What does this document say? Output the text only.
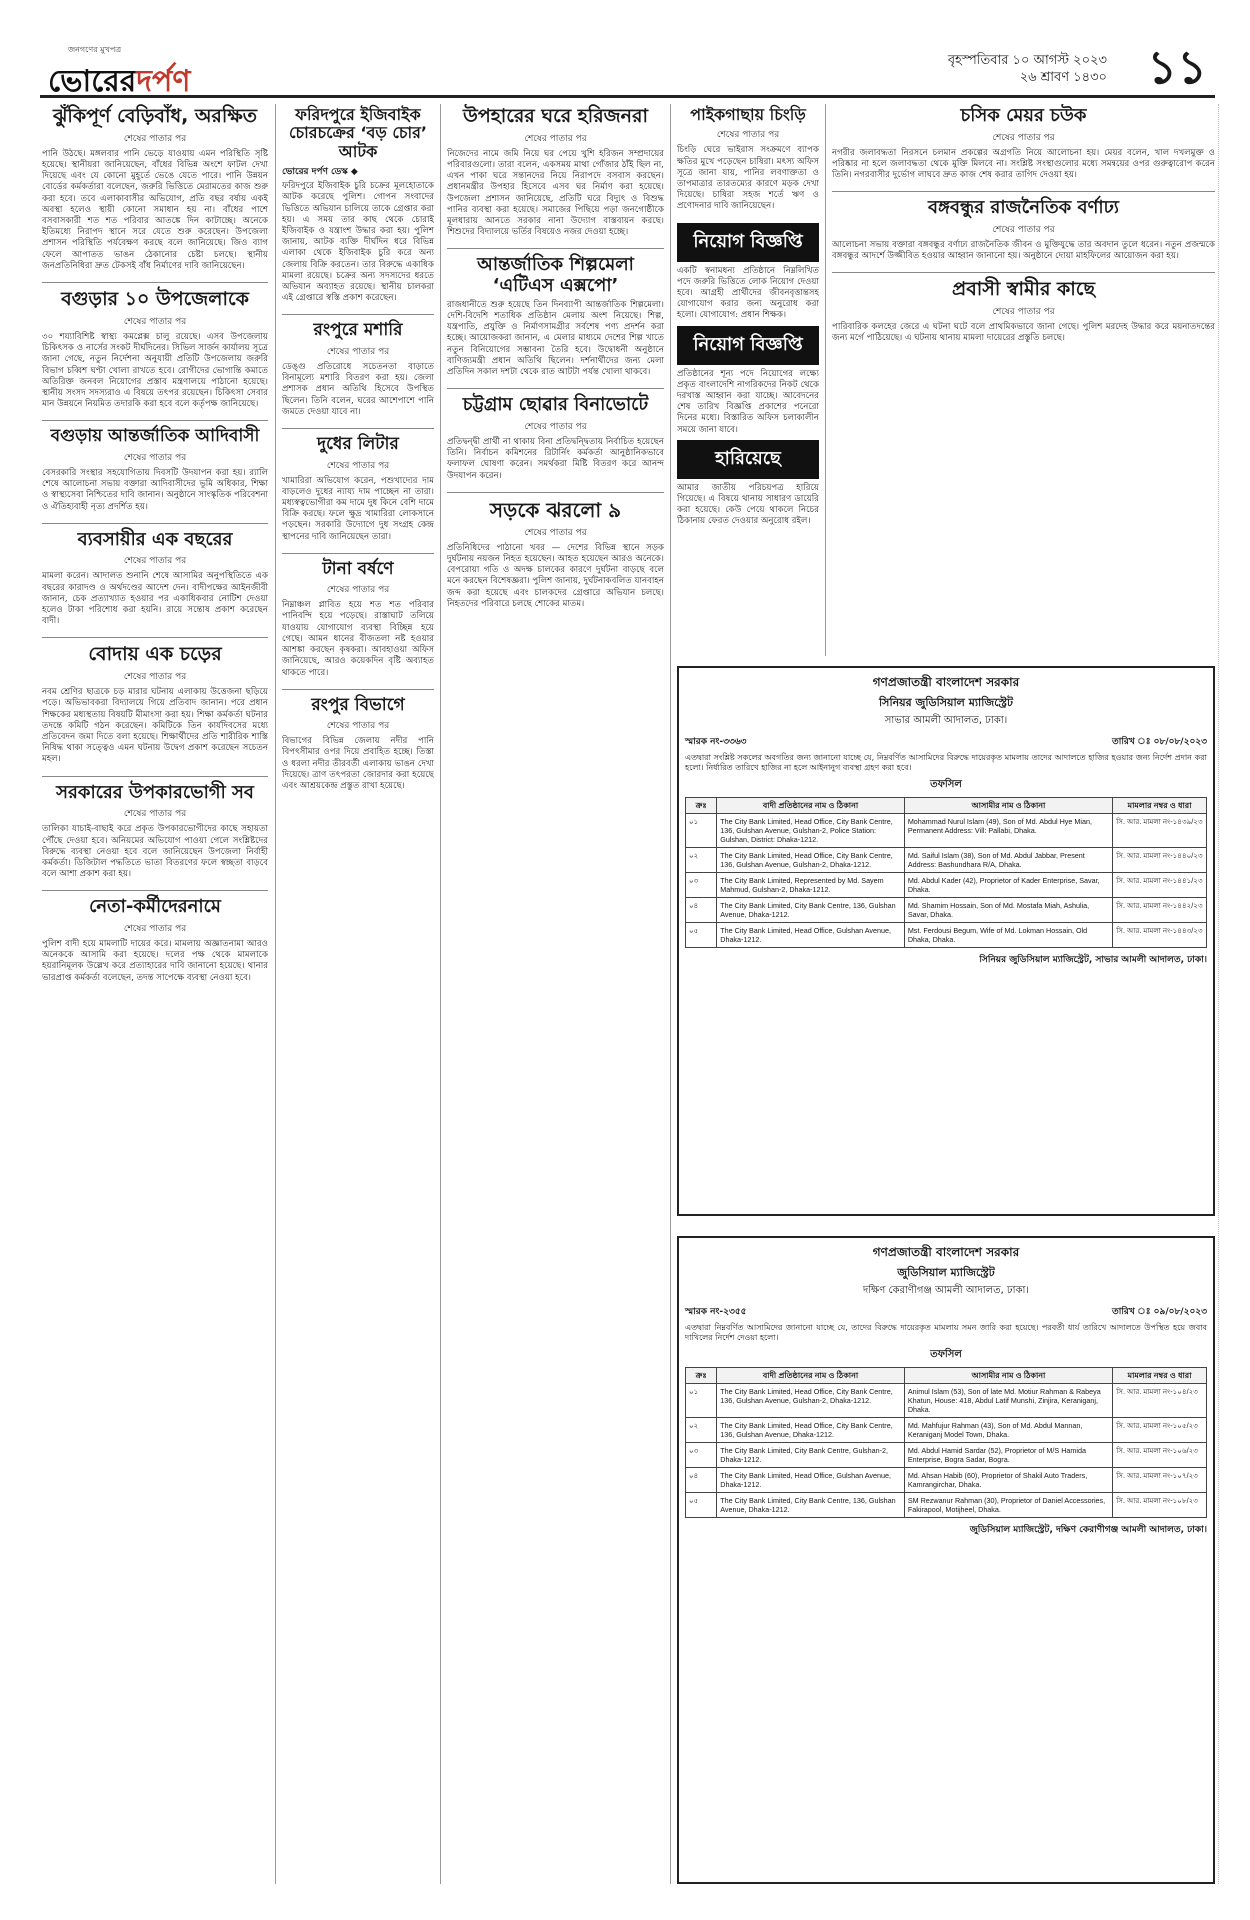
জনগণের মুখপত্র
ভোরেরদর্পণ
বৃহস্পতিবার ১০ আগস্ট ২০২৩
২৬ শ্রাবণ ১৪৩০ ১১
ঝুঁকিপূর্ণ বেড়িবাঁধ, অরক্ষিত
শেষের পাতার পর
পানি উঠছে। মঙ্গলবার পানি ভেড়ে যাওয়ায় এমন পরিস্থিতি সৃষ্টি হয়েছে। স্থানীয়রা জানিয়েছেন, বাঁধের বিভিন্ন অংশে ফাটল দেখা দিয়েছে এবং যে কোনো মুহূর্তে ভেঙে যেতে পারে। পানি উন্নয়ন বোর্ডের কর্মকর্তারা বলেছেন, জরুরি ভিত্তিতে মেরামতের কাজ শুরু করা হবে। তবে এলাকাবাসীর অভিযোগ, প্রতি বছর বর্ষায় একই অবস্থা হলেও স্থায়ী কোনো সমাধান হয় না। বাঁধের পাশে বসবাসকারী শত শত পরিবার আতঙ্কে দিন কাটাচ্ছে। অনেকে ইতিমধ্যে নিরাপদ স্থানে সরে যেতে শুরু করেছেন। উপজেলা প্রশাসন পরিস্থিতি পর্যবেক্ষণ করছে বলে জানিয়েছে। জিও ব্যাগ ফেলে আপাতত ভাঙন ঠেকানোর চেষ্টা চলছে। স্থানীয় জনপ্রতিনিধিরা দ্রুত টেকসই বাঁধ নির্মাণের দাবি জানিয়েছেন।
বগুড়ার ১০ উপজেলাকে
শেষের পাতার পর
৩০ শয্যাবিশিষ্ট স্বাস্থ্য কমপ্লেক্স চালু রয়েছে। এসব উপজেলায় চিকিৎসক ও নার্সের সংকট দীর্ঘদিনের। সিভিল সার্জন কার্যালয় সূত্রে জানা গেছে, নতুন নির্দেশনা অনুযায়ী প্রতিটি উপজেলায় জরুরি বিভাগ চব্বিশ ঘণ্টা খোলা রাখতে হবে। রোগীদের ভোগান্তি কমাতে অতিরিক্ত জনবল নিয়োগের প্রস্তাব মন্ত্রণালয়ে পাঠানো হয়েছে। স্থানীয় সংসদ সদস্যরাও এ বিষয়ে তৎপর রয়েছেন। চিকিৎসা সেবার মান উন্নয়নে নিয়মিত তদারকি করা হবে বলে কর্তৃপক্ষ জানিয়েছে।
বগুড়ায় আন্তর্জাতিক আদিবাসী
শেষের পাতার পর
বেসরকারি সংস্থার সহযোগিতায় দিবসটি উদযাপন করা হয়। র‍্যালি শেষে আলোচনা সভায় বক্তারা আদিবাসীদের ভূমি অধিকার, শিক্ষা ও স্বাস্থ্যসেবা নিশ্চিতের দাবি জানান। অনুষ্ঠানে সাংস্কৃতিক পরিবেশনা ও ঐতিহ্যবাহী নৃত্য প্রদর্শিত হয়।
ব্যবসায়ীর এক বছরের
শেষের পাতার পর
মামলা করেন। আদালত শুনানি শেষে আসামির অনুপস্থিতিতে এক বছরের কারাদণ্ড ও অর্থদণ্ডের আদেশ দেন। বাদীপক্ষের আইনজীবী জানান, চেক প্রত্যাখ্যাত হওয়ার পর একাধিকবার নোটিশ দেওয়া হলেও টাকা পরিশোধ করা হয়নি। রায়ে সন্তোষ প্রকাশ করেছেন বাদী।
বোদায় এক চড়ের
শেষের পাতার পর
নবম শ্রেণির ছাত্রকে চড় মারার ঘটনায় এলাকায় উত্তেজনা ছড়িয়ে পড়ে। অভিভাবকরা বিদ্যালয়ে গিয়ে প্রতিবাদ জানান। পরে প্রধান শিক্ষকের মধ্যস্থতায় বিষয়টি মীমাংসা করা হয়। শিক্ষা কর্মকর্তা ঘটনার তদন্তে কমিটি গঠন করেছেন। কমিটিকে তিন কার্যদিবসের মধ্যে প্রতিবেদন জমা দিতে বলা হয়েছে। শিক্ষার্থীদের প্রতি শারীরিক শাস্তি নিষিদ্ধ থাকা সত্ত্বেও এমন ঘটনায় উদ্বেগ প্রকাশ করেছেন সচেতন মহল।
সরকারের উপকারভোগী সব
শেষের পাতার পর
তালিকা যাচাই-বাছাই করে প্রকৃত উপকারভোগীদের কাছে সহায়তা পৌঁছে দেওয়া হবে। অনিয়মের অভিযোগ পাওয়া গেলে সংশ্লিষ্টদের বিরুদ্ধে ব্যবস্থা নেওয়া হবে বলে জানিয়েছেন উপজেলা নির্বাহী কর্মকর্তা। ডিজিটাল পদ্ধতিতে ভাতা বিতরণের ফলে স্বচ্ছতা বাড়বে বলে আশা প্রকাশ করা হয়।
নেতা-কর্মীদেরনামে
শেষের পাতার পর
পুলিশ বাদী হয়ে মামলাটি দায়ের করে। মামলায় অজ্ঞাতনামা আরও অনেককে আসামি করা হয়েছে। দলের পক্ষ থেকে মামলাকে হয়রানিমূলক উল্লেখ করে প্রত্যাহারের দাবি জানানো হয়েছে। থানার ভারপ্রাপ্ত কর্মকর্তা বলেছেন, তদন্ত সাপেক্ষে ব্যবস্থা নেওয়া হবে।
ফরিদপুরে ইজিবাইক চোরচক্রের ‘বড় চোর’ আটক
ভোরের দর্পণ ডেস্ক ◆
ফরিদপুরে ইজিবাইক চুরি চক্রের মূলহোতাকে আটক করেছে পুলিশ। গোপন সংবাদের ভিত্তিতে অভিযান চালিয়ে তাকে গ্রেপ্তার করা হয়। এ সময় তার কাছ থেকে চোরাই ইজিবাইক ও যন্ত্রাংশ উদ্ধার করা হয়। পুলিশ জানায়, আটক ব্যক্তি দীর্ঘদিন ধরে বিভিন্ন এলাকা থেকে ইজিবাইক চুরি করে অন্য জেলায় বিক্রি করতেন। তার বিরুদ্ধে একাধিক মামলা রয়েছে। চক্রের অন্য সদস্যদের ধরতে অভিযান অব্যাহত রয়েছে। স্থানীয় চালকরা এই গ্রেপ্তারে স্বস্তি প্রকাশ করেছেন।
রংপুরে মশারি
শেষের পাতার পর
ডেঙ্গু প্রতিরোধে সচেতনতা বাড়াতে বিনামূল্যে মশারি বিতরণ করা হয়। জেলা প্রশাসক প্রধান অতিথি হিসেবে উপস্থিত ছিলেন। তিনি বলেন, ঘরের আশেপাশে পানি জমতে দেওয়া যাবে না।
দুধের লিটার
শেষের পাতার পর
খামারিরা অভিযোগ করেন, পশুখাদ্যের দাম বাড়লেও দুধের ন্যায্য দাম পাচ্ছেন না তারা। মধ্যস্বত্বভোগীরা কম দামে দুধ কিনে বেশি দামে বিক্রি করছে। ফলে ক্ষুদ্র খামারিরা লোকসানে পড়ছেন। সরকারি উদ্যোগে দুধ সংগ্রহ কেন্দ্র স্থাপনের দাবি জানিয়েছেন তারা।
টানা বর্ষণে
শেষের পাতার পর
নিম্নাঞ্চল প্লাবিত হয়ে শত শত পরিবার পানিবন্দি হয়ে পড়েছে। রাস্তাঘাট তলিয়ে যাওয়ায় যোগাযোগ ব্যবস্থা বিচ্ছিন্ন হয়ে গেছে। আমন ধানের বীজতলা নষ্ট হওয়ার আশঙ্কা করছেন কৃষকরা। আবহাওয়া অফিস জানিয়েছে, আরও কয়েকদিন বৃষ্টি অব্যাহত থাকতে পারে।
রংপুর বিভাগে
শেষের পাতার পর
বিভাগের বিভিন্ন জেলায় নদীর পানি বিপৎসীমার ওপর দিয়ে প্রবাহিত হচ্ছে। তিস্তা ও ধরলা নদীর তীরবর্তী এলাকায় ভাঙন দেখা দিয়েছে। ত্রাণ তৎপরতা জোরদার করা হয়েছে এবং আশ্রয়কেন্দ্র প্রস্তুত রাখা হয়েছে।
উপহারের ঘরে হরিজনরা
শেষের পাতার পর
নিজেদের নামে জমি নিয়ে ঘর পেয়ে খুশি হরিজন সম্প্রদায়ের পরিবারগুলো। তারা বলেন, একসময় মাথা গোঁজার ঠাঁই ছিল না, এখন পাকা ঘরে সন্তানদের নিয়ে নিরাপদে বসবাস করছেন। প্রধানমন্ত্রীর উপহার হিসেবে এসব ঘর নির্মাণ করা হয়েছে। উপজেলা প্রশাসন জানিয়েছে, প্রতিটি ঘরে বিদ্যুৎ ও বিশুদ্ধ পানির ব্যবস্থা করা হয়েছে। সমাজের পিছিয়ে পড়া জনগোষ্ঠীকে মূলধারায় আনতে সরকার নানা উদ্যোগ বাস্তবায়ন করছে। শিশুদের বিদ্যালয়ে ভর্তির বিষয়েও নজর দেওয়া হচ্ছে।
আন্তর্জাতিক শিল্পমেলা ‘এটিএস এক্সপো’
রাজধানীতে শুরু হয়েছে তিন দিনব্যাপী আন্তর্জাতিক শিল্পমেলা। দেশি-বিদেশি শতাধিক প্রতিষ্ঠান মেলায় অংশ নিয়েছে। শিল্প, যন্ত্রপাতি, প্রযুক্তি ও নির্মাণসামগ্রীর সর্বশেষ পণ্য প্রদর্শন করা হচ্ছে। আয়োজকরা জানান, এ মেলার মাধ্যমে দেশের শিল্প খাতে নতুন বিনিয়োগের সম্ভাবনা তৈরি হবে। উদ্বোধনী অনুষ্ঠানে বাণিজ্যমন্ত্রী প্রধান অতিথি ছিলেন। দর্শনার্থীদের জন্য মেলা প্রতিদিন সকাল দশটা থেকে রাত আটটা পর্যন্ত খোলা থাকবে।
চট্টগ্রাম ছোৱার বিনাভোটে
শেষের পাতার পর
প্রতিদ্বন্দ্বী প্রার্থী না থাকায় বিনা প্রতিদ্বন্দ্বিতায় নির্বাচিত হয়েছেন তিনি। নির্বাচন কমিশনের রিটার্নিং কর্মকর্তা আনুষ্ঠানিকভাবে ফলাফল ঘোষণা করেন। সমর্থকরা মিষ্টি বিতরণ করে আনন্দ উদযাপন করেন।
সড়কে ঝরলো ৯
শেষের পাতার পর
প্রতিনিধিদের পাঠানো খবর — দেশের বিভিন্ন স্থানে সড়ক দুর্ঘটনায় নয়জন নিহত হয়েছেন। আহত হয়েছেন আরও অনেকে। বেপরোয়া গতি ও অদক্ষ চালকের কারণে দুর্ঘটনা বাড়ছে বলে মনে করছেন বিশেষজ্ঞরা। পুলিশ জানায়, দুর্ঘটনাকবলিত যানবাহন জব্দ করা হয়েছে এবং চালকদের গ্রেপ্তারে অভিযান চলছে। নিহতদের পরিবারে চলছে শোকের মাতম।
পাইকগাছায় চিংড়ি
শেষের পাতার পর
চিংড়ি ঘেরে ভাইরাস সংক্রমণে ব্যাপক ক্ষতির মুখে পড়েছেন চাষিরা। মৎস্য অফিস সূত্রে জানা যায়, পানির লবণাক্ততা ও তাপমাত্রার তারতম্যের কারণে মড়ক দেখা দিয়েছে। চাষিরা সহজ শর্তে ঋণ ও প্রণোদনার দাবি জানিয়েছেন।
নিয়োগ বিজ্ঞপ্তি
একটি স্বনামধন্য প্রতিষ্ঠানে নিম্নলিখিত পদে জরুরি ভিত্তিতে লোক নিয়োগ দেওয়া হবে। আগ্রহী প্রার্থীদের জীবনবৃত্তান্তসহ যোগাযোগ করার জন্য অনুরোধ করা হলো। যোগাযোগ: প্রধান শিক্ষক।
নিয়োগ বিজ্ঞপ্তি
প্রতিষ্ঠানের শূন্য পদে নিয়োগের লক্ষ্যে প্রকৃত বাংলাদেশি নাগরিকদের নিকট থেকে দরখাস্ত আহ্বান করা যাচ্ছে। আবেদনের শেষ তারিখ বিজ্ঞপ্তি প্রকাশের পনেরো দিনের মধ্যে। বিস্তারিত অফিস চলাকালীন সময়ে জানা যাবে।
হারিয়েছে
আমার জাতীয় পরিচয়পত্র হারিয়ে গিয়েছে। এ বিষয়ে থানায় সাধারণ ডায়েরি করা হয়েছে। কেউ পেয়ে থাকলে নিচের ঠিকানায় ফেরত দেওয়ার অনুরোধ রইল।
চসিক মেয়র চউক
শেষের পাতার পর
নগরীর জলাবদ্ধতা নিরসনে চলমান প্রকল্পের অগ্রগতি নিয়ে আলোচনা হয়। মেয়র বলেন, খাল দখলমুক্ত ও পরিষ্কার না হলে জলাবদ্ধতা থেকে মুক্তি মিলবে না। সংশ্লিষ্ট সংস্থাগুলোর মধ্যে সমন্বয়ের ওপর গুরুত্বারোপ করেন তিনি। নগরবাসীর দুর্ভোগ লাঘবে দ্রুত কাজ শেষ করার তাগিদ দেওয়া হয়।
বঙ্গবন্ধুর রাজনৈতিক বর্ণাঢ্য
শেষের পাতার পর
আলোচনা সভায় বক্তারা বঙ্গবন্ধুর বর্ণাঢ্য রাজনৈতিক জীবন ও মুক্তিযুদ্ধে তার অবদান তুলে ধরেন। নতুন প্রজন্মকে বঙ্গবন্ধুর আদর্শে উজ্জীবিত হওয়ার আহ্বান জানানো হয়। অনুষ্ঠানে দোয়া মাহফিলের আয়োজন করা হয়।
প্রবাসী স্বামীর কাছে
শেষের পাতার পর
পারিবারিক কলহের জেরে এ ঘটনা ঘটে বলে প্রাথমিকভাবে জানা গেছে। পুলিশ মরদেহ উদ্ধার করে ময়নাতদন্তের জন্য মর্গে পাঠিয়েছে। এ ঘটনায় থানায় মামলা দায়েরের প্রস্তুতি চলছে।
গণপ্রজাতন্ত্রী বাংলাদেশ সরকার
সিনিয়র জুডিসিয়াল ম্যাজিস্ট্রেট
সাভার আমলী আদালত, ঢাকা।
স্মারক নং-৩৩৬৩	তারিখ ঃ ০৮/০৮/২০২৩
এতদ্বারা সংশ্লিষ্ট সকলের অবগতির জন্য জানানো যাচ্ছে যে, নিম্নবর্ণিত আসামিদের বিরুদ্ধে দায়েরকৃত মামলায় তাদের আদালতে হাজির হওয়ার জন্য নির্দেশ প্রদান করা হলো। নির্ধারিত তারিখে হাজির না হলে আইনানুগ ব্যবস্থা গ্রহণ করা হবে।
তফসিল
ক্রঃ	বাদী প্রতিষ্ঠানের নাম ও ঠিকানা	আসামীর নাম ও ঠিকানা	মামলার নম্বর ও ধারা
০১	The City Bank Limited, Head Office, City Bank Centre, 136, Gulshan Avenue, Gulshan-2, Police Station: Gulshan, District: Dhaka-1212.	Mohammad Nurul Islam (49), Son of Md. Abdul Hye Mian, Permanent Address: Vill: Pallabi, Dhaka.	সি. আর. মামলা নং-১৪৩৯/২৩
০২	The City Bank Limited, Head Office, City Bank Centre, 136, Gulshan Avenue, Gulshan-2, Dhaka-1212.	Md. Saiful Islam (38), Son of Md. Abdul Jabbar, Present Address: Bashundhara R/A, Dhaka.	সি. আর. মামলা নং-১৪৪০/২৩
০৩	The City Bank Limited, Represented by Md. Sayem Mahmud, Gulshan-2, Dhaka-1212.	Md. Abdul Kader (42), Proprietor of Kader Enterprise, Savar, Dhaka.	সি. আর. মামলা নং-১৪৪১/২৩
০৪	The City Bank Limited, City Bank Centre, 136, Gulshan Avenue, Dhaka-1212.	Md. Shamim Hossain, Son of Md. Mostafa Miah, Ashulia, Savar, Dhaka.	সি. আর. মামলা নং-১৪৪২/২৩
০৫	The City Bank Limited, Head Office, Gulshan Avenue, Dhaka-1212.	Mst. Ferdousi Begum, Wife of Md. Lokman Hossain, Old Dhaka, Dhaka.	সি. আর. মামলা নং-১৪৪৩/২৩
সিনিয়র জুডিসিয়াল ম্যাজিস্ট্রেট, সাভার আমলী আদালত, ঢাকা।
গণপ্রজাতন্ত্রী বাংলাদেশ সরকার
জুডিসিয়াল ম্যাজিস্ট্রেট
দক্ষিণ কেরাণীগঞ্জ আমলী আদালত, ঢাকা।
স্মারক নং-২৩৫৫	তারিখ ঃ ০৯/০৮/২০২৩
এতদ্বারা নিম্নবর্ণিত আসামিদের জানানো যাচ্ছে যে, তাদের বিরুদ্ধে দায়েরকৃত মামলায় সমন জারি করা হয়েছে। পরবর্তী ধার্য তারিখে আদালতে উপস্থিত হয়ে জবাব দাখিলের নির্দেশ দেওয়া হলো।
তফসিল
ক্রঃ	বাদী প্রতিষ্ঠানের নাম ও ঠিকানা	আসামীর নাম ও ঠিকানা	মামলার নম্বর ও ধারা
০১	The City Bank Limited, Head Office, City Bank Centre, 136, Gulshan Avenue, Gulshan-2, Dhaka-1212.	Animul Islam (53), Son of late Md. Motiur Rahman & Rabeya Khatun, House: 418, Abdul Latif Munshi, Zinjira, Keraniganj, Dhaka.	সি. আর. মামলা নং-১০৪/২৩
০২	The City Bank Limited, Head Office, City Bank Centre, 136, Gulshan Avenue, Dhaka-1212.	Md. Mahfujur Rahman (43), Son of Md. Abdul Mannan, Keraniganj Model Town, Dhaka.	সি. আর. মামলা নং-১০৫/২৩
০৩	The City Bank Limited, City Bank Centre, Gulshan-2, Dhaka-1212.	Md. Abdul Hamid Sardar (52), Proprietor of M/S Hamida Enterprise, Bogra Sadar, Bogra.	সি. আর. মামলা নং-১০৬/২৩
০৪	The City Bank Limited, Head Office, Gulshan Avenue, Dhaka-1212.	Md. Ahsan Habib (60), Proprietor of Shakil Auto Traders, Kamrangirchar, Dhaka.	সি. আর. মামলা নং-১০৭/২৩
০৫	The City Bank Limited, City Bank Centre, 136, Gulshan Avenue, Dhaka-1212.	SM Rezwanur Rahman (30), Proprietor of Daniel Accessories, Fakirapool, Motijheel, Dhaka.	সি. আর. মামলা নং-১০৮/২৩
জুডিসিয়াল ম্যাজিস্ট্রেট, দক্ষিণ কেরাণীগঞ্জ আমলী আদালত, ঢাকা।
